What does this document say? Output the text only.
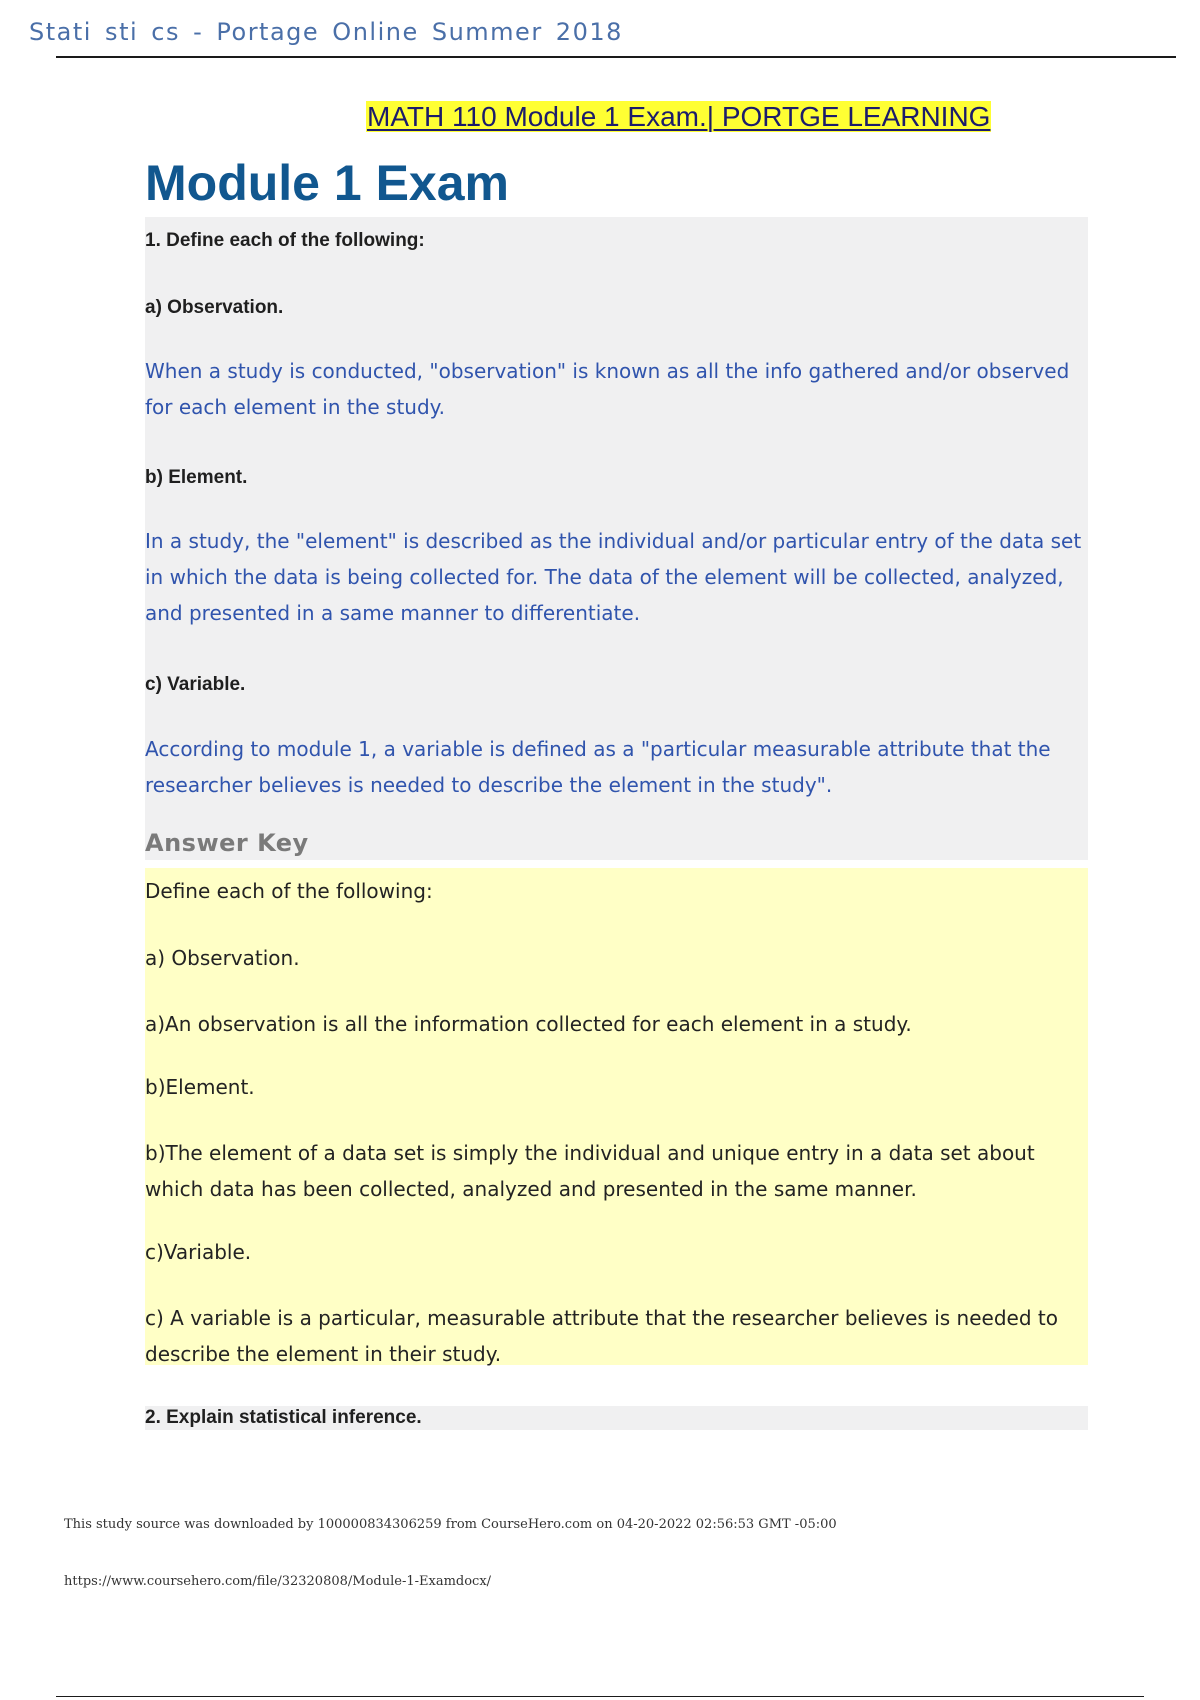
Stati sti cs - Portage Online Summer 2018
MATH 110 Module 1 Exam.| PORTGE LEARNING
Module 1 Exam

1. Define each of the following:

a) Observation.

When a study is conducted, "observation" is known as all the info gathered and/or observed for each element in the study.

b) Element.

In a study, the "element" is described as the individual and/or particular entry of the data set in which the data is being collected for. The data of the element will be collected, analyzed, and presented in a same manner to differentiate.

c) Variable.

According to module 1, a variable is defined as a "particular measurable attribute that the researcher believes is needed to describe the element in the study".

Answer Key

Define each of the following:

a) Observation.

a)An observation is all the information collected for each element in a study.

b)Element.

b)The element of a data set is simply the individual and unique entry in a data set about which data has been collected, analyzed and presented in the same manner.

c)Variable.

c) A variable is a particular, measurable attribute that the researcher believes is needed to describe the element in their study.

2. Explain statistical inference.

This study source was downloaded by 100000834306259 from CourseHero.com on 04-20-2022 02:56:53 GMT -05:00

https://www.coursehero.com/file/32320808/Module-1-Examdocx/
